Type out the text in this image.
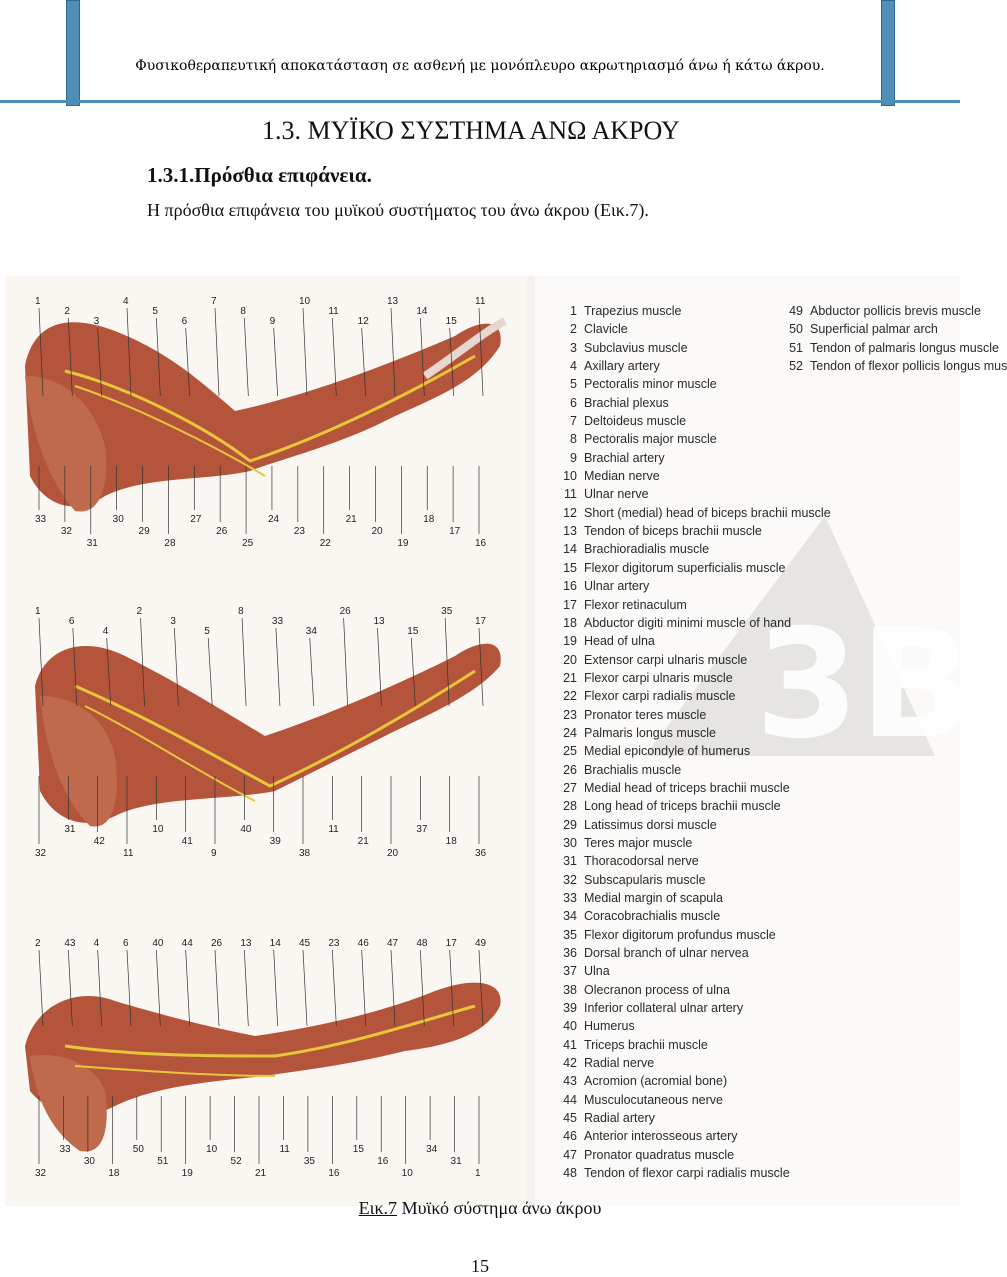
Φυσικοθεραπευτική αποκατάσταση σε ασθενή με μονόπλευρο ακρωτηριασμό άνω ή κάτω άκρου.
1.3. ΜΥΪΚΟ ΣΥΣΤΗΜΑ ΑΝΩ ΑΚΡΟΥ
1.3.1.Πρόσθια επιφάνεια.
Η πρόσθια επιφάνεια του μυϊκού συστήματος του άνω άκρου (Εικ.7).
1
2
3
4
5
6
7
8
9
10
11
12
13
14
15
11
16
17
18
19
20
21
22
23
24
25
26
27
28
29
30
31
32
33
1
6
4
2
3
5
8
33
34
26
13
15
35
17
36
18
37
20
21
11
38
39
40
9
41
10
11
42
31
32
2 43 4 6 40 44 26 13 14 45 23 46 47 48 17 49
1
31
34
10
16
15
16
35
11
21
52
10
19
51
50
18
30
33
32
3B
1 Trapezius muscle
2 Clavicle
3 Subclavius muscle
4 Axillary artery
5 Pectoralis minor muscle
6 Brachial plexus
7 Deltoideus muscle
8 Pectoralis major muscle
9 Brachial artery
10 Median nerve
11 Ulnar nerve
12 Short (medial) head of biceps brachii muscle
13 Tendon of biceps brachii muscle
14 Brachioradialis muscle
15 Flexor digitorum superficialis muscle
16 Ulnar artery
17 Flexor retinaculum
18 Abductor digiti minimi muscle of hand
19 Head of ulna
20 Extensor carpi ulnaris muscle
21 Flexor carpi ulnaris muscle
22 Flexor carpi radialis muscle
23 Pronator teres muscle
24 Palmaris longus muscle
25 Medial epicondyle of humerus
26 Brachialis muscle
27 Medial head of triceps brachii muscle
28 Long head of triceps brachii muscle
29 Latissimus dorsi muscle
30 Teres major muscle
31 Thoracodorsal nerve
32 Subscapularis muscle
33 Medial margin of scapula
34 Coracobrachialis muscle
35 Flexor digitorum profundus muscle
36 Dorsal branch of ulnar nervea
37 Ulna
38 Olecranon process of ulna
39 Inferior collateral ulnar artery
40 Humerus
41 Triceps brachii muscle
42 Radial nerve
43 Acromion (acromial bone)
44 Musculocutaneous nerve
45 Radial artery
46 Anterior interosseous artery
47 Pronator quadratus muscle
48 Tendon of flexor carpi radialis muscle
49 Abductor pollicis brevis muscle
50 Superficial palmar arch
51 Tendon of palmaris longus muscle
52 Tendon of flexor pollicis longus mus
Εικ.7 Μυϊκό σύστημα άνω άκρου
15
